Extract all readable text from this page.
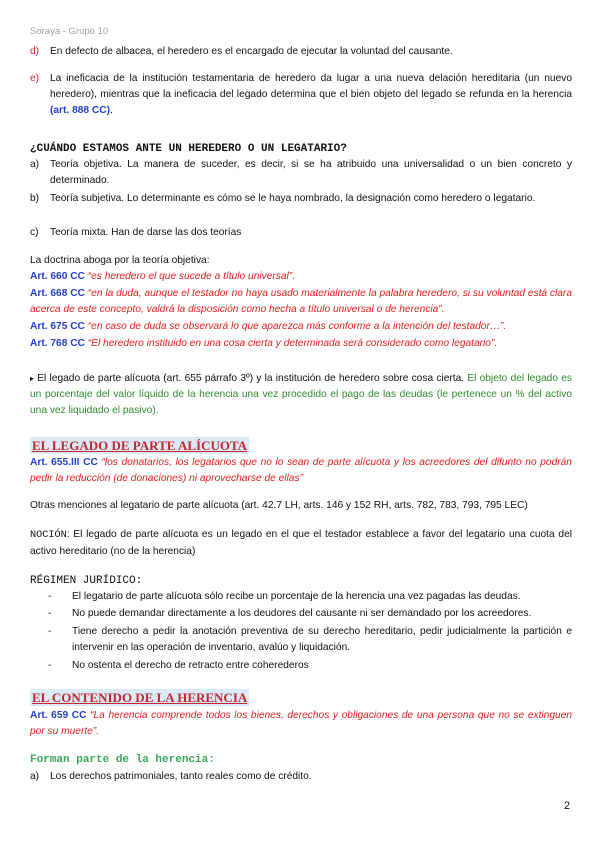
Soraya - Grupo 10
d) En defecto de albacea, el heredero es el encargado de ejecutar la voluntad del causante.
e) La ineficacia de la institución testamentaria de heredero da lugar a una nueva delación hereditaria (un nuevo heredero), mientras que la ineficacia del legado determina que el bien objeto del legado se refunda en la herencia (art. 888 CC).
¿CUÁNDO ESTAMOS ANTE UN HEREDERO O UN LEGATARIO?
a) Teoría objetiva. La manera de suceder, es decir, si se ha atribuido una universalidad o un bien concreto y determinado.
b) Teoría subjetiva. Lo determinante es cómo se le haya nombrado, la designación como heredero o legatario.
c) Teoría mixta. Han de darse las dos teorías
La doctrina aboga por la teoría objetiva:
Art. 660 CC “es heredero el que sucede a título universal”.
Art. 668 CC “en la duda, aunque el testador no haya usado materialmente la palabra heredero, si su voluntad está clara acerca de este concepto, valdrá la disposición como hecha a título universal o de herencia”.
Art. 675 CC “en caso de duda se observará lo que aparezca más conforme a la intención del testador…”.
Art. 768 CC “El heredero instituido en una cosa cierta y determinada será considerado como legatario”.
▸ El legado de parte alícuota (art. 655 párrafo 3º) y la institución de heredero sobre cosa cierta. El objeto del legado es un porcentaje del valor líquido de la herencia una vez procedido el pago de las deudas (le pertenece un % del activo una vez liquidado el pasivo).
EL LEGADO DE PARTE ALÍCUOTA
Art. 655.III CC “los donatarios, los legatarios que no lo sean de parte alícuota y los acreedores del difunto no podrán pedir la reducción (de donaciones) ni aprovecharse de ellas”
Otras menciones al legatario de parte alícuota (art. 42.7 LH, arts. 146 y 152 RH, arts. 782, 783, 793, 795 LEC)
NOCIÓN: El legado de parte alícuota es un legado en el que el testador establece a favor del legatario una cuota del activo hereditario (no de la herencia)
RÉGIMEN JURÍDICO:
- El legatario de parte alícuota sólo recibe un porcentaje de la herencia una vez pagadas las deudas.
- No puede demandar directamente a los deudores del causante ni ser demandado por los acreedores.
- Tiene derecho a pedir la anotación preventiva de su derecho hereditario, pedir judicialmente la partición e intervenir en las operación de inventario, avalúo y liquidación.
- No ostenta el derecho de retracto entre coherederos
EL CONTENIDO DE LA HERENCIA
Art. 659 CC “La herencia comprende todos los bienes, derechos y obligaciones de una persona que no se extinguen por su muerte”.
Forman parte de la herencia:
a) Los derechos patrimoniales, tanto reales como de crédito.
2
